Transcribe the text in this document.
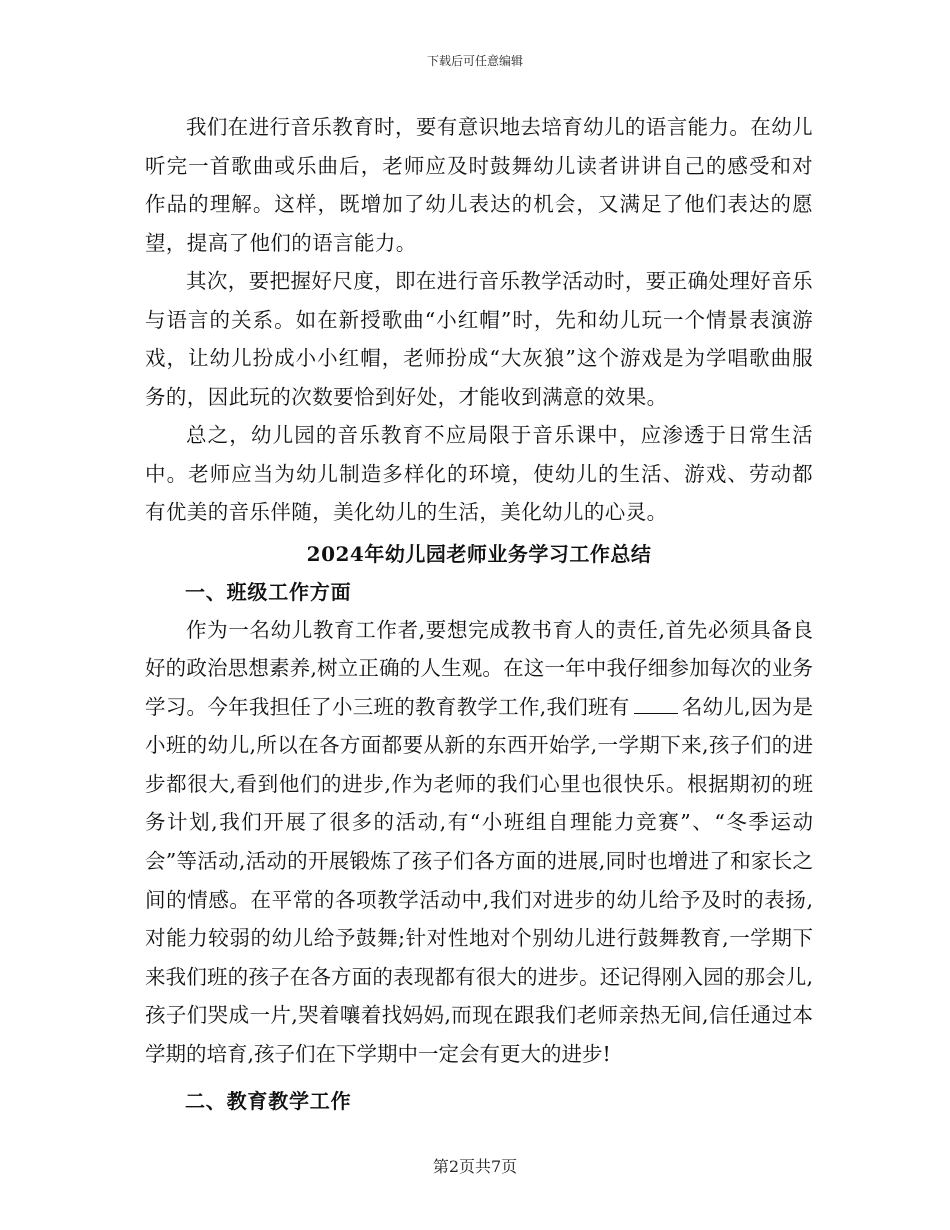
下载后可任意编辑

我们在进行音乐教育时，要有意识地去培育幼儿的语言能力。在幼儿听完一首歌曲或乐曲后，老师应及时鼓舞幼儿读者讲讲自己的感受和对作品的理解。这样，既增加了幼儿表达的机会，又满足了他们表达的愿望，提高了他们的语言能力。

其次，要把握好尺度，即在进行音乐教学活动时，要正确处理好音乐与语言的关系。如在新授歌曲“小红帽”时，先和幼儿玩一个情景表演游戏，让幼儿扮成小小红帽，老师扮成“大灰狼”这个游戏是为学唱歌曲服务的，因此玩的次数要恰到好处，才能收到满意的效果。

总之，幼儿园的音乐教育不应局限于音乐课中，应渗透于日常生活中。老师应当为幼儿制造多样化的环境，使幼儿的生活、游戏、劳动都有优美的音乐伴随，美化幼儿的生活，美化幼儿的心灵。

2024年幼儿园老师业务学习工作总结
一、班级工作方面

作为一名幼儿教育工作者,要想完成教书育人的责任,首先必须具备良好的政治思想素养,树立正确的人生观。在这一年中我仔细参加每次的业务学习。今年我担任了小三班的教育教学工作,我们班有	名幼儿,因为是小班的幼儿,所以在各方面都要从新的东西开始学,一学期下来,孩子们的进步都很大,看到他们的进步,作为老师的我们心里也很快乐。根据期初的班务计划,我们开展了很多的活动,有“小班组自理能力竞赛”、“冬季运动会”等活动,活动的开展锻炼了孩子们各方面的进展,同时也增进了和家长之间的情感。在平常的各项教学活动中,我们对进步的幼儿给予及时的表扬,对能力较弱的幼儿给予鼓舞;针对性地对个别幼儿进行鼓舞教育,一学期下来我们班的孩子在各方面的表现都有很大的进步。还记得刚入园的那会儿,孩子们哭成一片,哭着嚷着找妈妈,而现在跟我们老师亲热无间,信任通过本学期的培育,孩子们在下学期中一定会有更大的进步!

二、教育教学工作
第2页共7页
